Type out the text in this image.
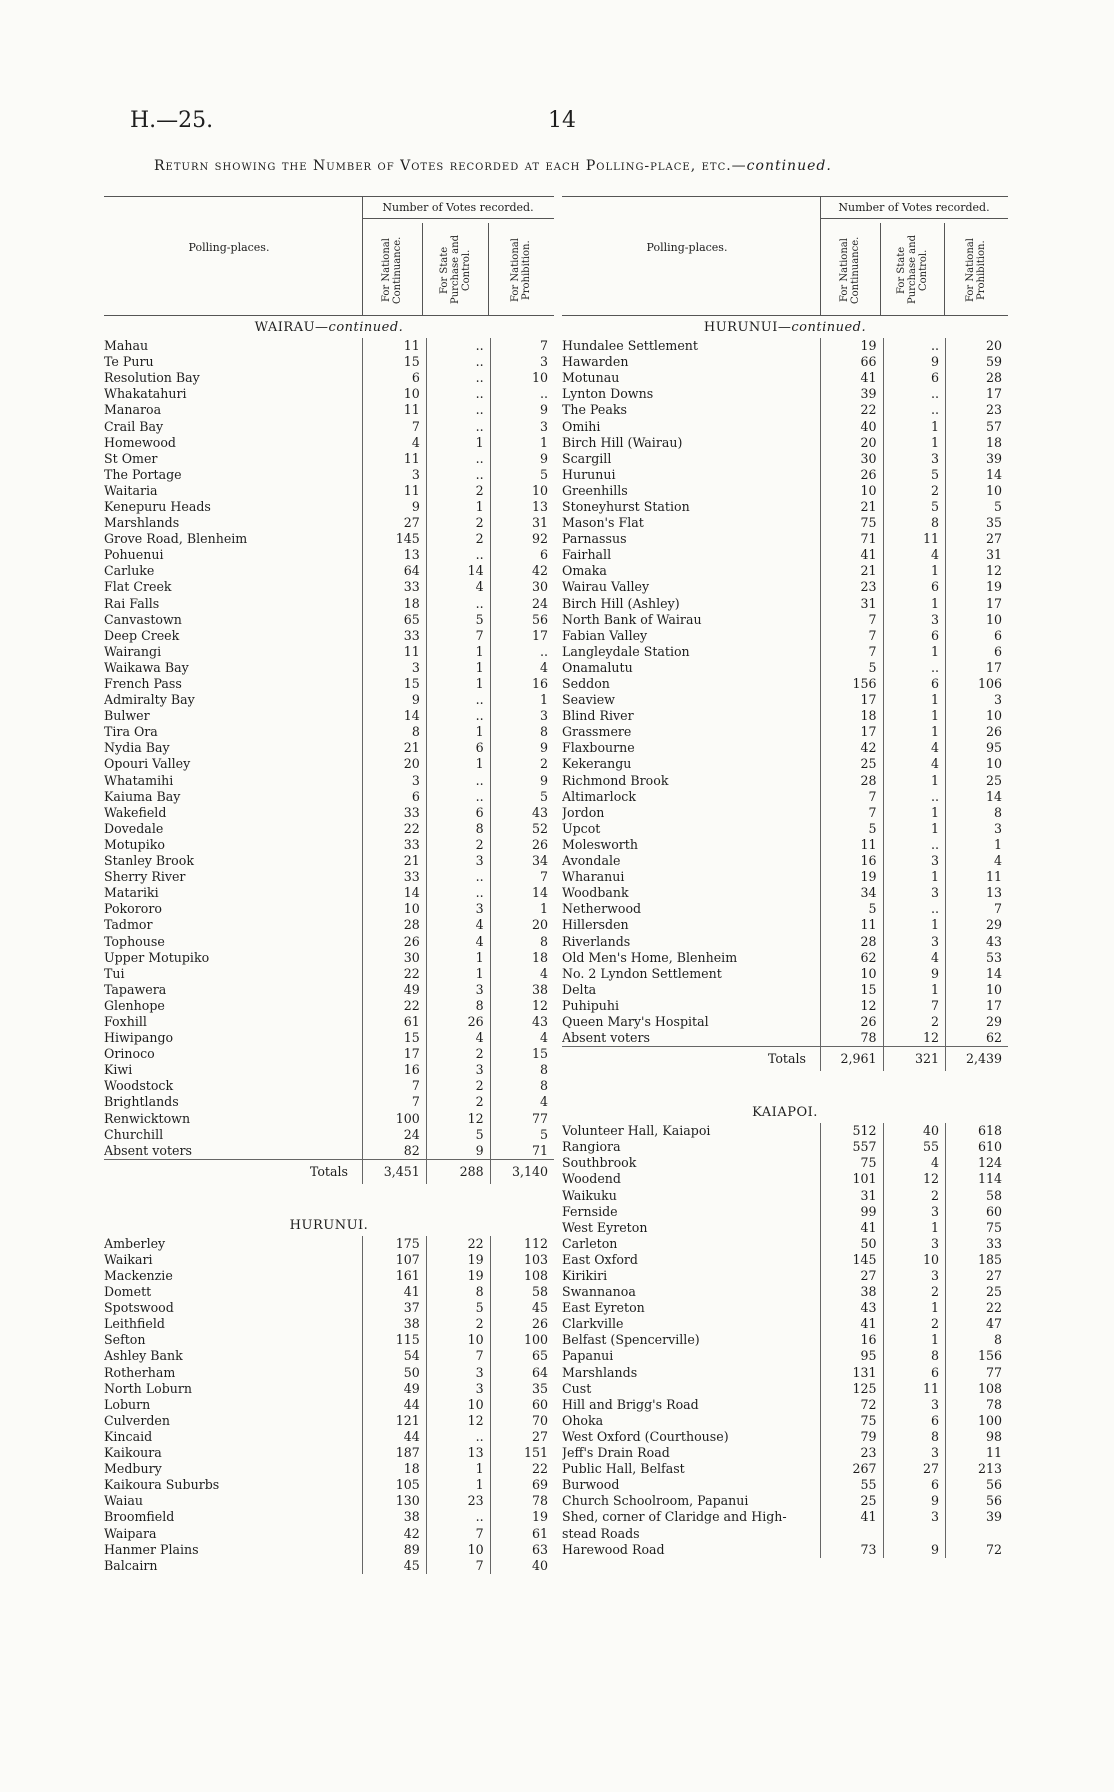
H.—25.	14
Return showing the Number of Votes recorded at each Polling-place, etc.—continued.
Polling-places.
Number of Votes recorded.
For National Continuance.	For State Purchase and Control.	For National Prohibition.
WAIRAU—continued.
Mahau	11	..	7
Te Puru	15	..	3
Resolution Bay	6	..	10
Whakatahuri	10	..	..
Manaroa	11	..	9
Crail Bay	7	..	3
Homewood	4	1	1
St Omer	11	..	9
The Portage	3	..	5
Waitaria	11	2	10
Kenepuru Heads	9	1	13
Marshlands	27	2	31
Grove Road, Blenheim	145	2	92
Pohuenui	13	..	6
Carluke	64	14	42
Flat Creek	33	4	30
Rai Falls	18	..	24
Canvastown	65	5	56
Deep Creek	33	7	17
Wairangi	11	1	..
Waikawa Bay	3	1	4
French Pass	15	1	16
Admiralty Bay	9	..	1
Bulwer	14	..	3
Tira Ora	8	1	8
Nydia Bay	21	6	9
Opouri Valley	20	1	2
Whatamihi	3	..	9
Kaiuma Bay	6	..	5
Wakefield	33	6	43
Dovedale	22	8	52
Motupiko	33	2	26
Stanley Brook	21	3	34
Sherry River	33	..	7
Matariki	14	..	14
Pokororo	10	3	1
Tadmor	28	4	20
Tophouse	26	4	8
Upper Motupiko	30	1	18
Tui	22	1	4
Tapawera	49	3	38
Glenhope	22	8	12
Foxhill	61	26	43
Hiwipango	15	4	4
Orinoco	17	2	15
Kiwi	16	3	8
Woodstock	7	2	8
Brightlands	7	2	4
Renwicktown	100	12	77
Churchill	24	5	5
Absent voters	82	9	71
Totals	3,451	288	3,140
HURUNUI.
Amberley	175	22	112
Waikari	107	19	103
Mackenzie	161	19	108
Domett	41	8	58
Spotswood	37	5	45
Leithfield	38	2	26
Sefton	115	10	100
Ashley Bank	54	7	65
Rotherham	50	3	64
North Loburn	49	3	35
Loburn	44	10	60
Culverden	121	12	70
Kincaid	44	..	27
Kaikoura	187	13	151
Medbury	18	1	22
Kaikoura Suburbs	105	1	69
Waiau	130	23	78
Broomfield	38	..	19
Waipara	42	7	61
Hanmer Plains	89	10	63
Balcairn	45	7	40
Polling-places.
Number of Votes recorded.
For National Continuance.	For State Purchase and Control.	For National Prohibition.
HURUNUI—continued.
Hundalee Settlement	19	..	20
Hawarden	66	9	59
Motunau	41	6	28
Lynton Downs	39	..	17
The Peaks	22	..	23
Omihi	40	1	57
Birch Hill (Wairau)	20	1	18
Scargill	30	3	39
Hurunui	26	5	14
Greenhills	10	2	10
Stoneyhurst Station	21	5	5
Mason's Flat	75	8	35
Parnassus	71	11	27
Fairhall	41	4	31
Omaka	21	1	12
Wairau Valley	23	6	19
Birch Hill (Ashley)	31	1	17
North Bank of Wairau	7	3	10
Fabian Valley	7	6	6
Langleydale Station	7	1	6
Onamalutu	5	..	17
Seddon	156	6	106
Seaview	17	1	3
Blind River	18	1	10
Grassmere	17	1	26
Flaxbourne	42	4	95
Kekerangu	25	4	10
Richmond Brook	28	1	25
Altimarlock	7	..	14
Jordon	7	1	8
Upcot	5	1	3
Molesworth	11	..	1
Avondale	16	3	4
Wharanui	19	1	11
Woodbank	34	3	13
Netherwood	5	..	7
Hillersden	11	1	29
Riverlands	28	3	43
Old Men's Home, Blenheim	62	4	53
No. 2 Lyndon Settlement	10	9	14
Delta	15	1	10
Puhipuhi	12	7	17
Queen Mary's Hospital	26	2	29
Absent voters	78	12	62
Totals	2,961	321	2,439
KAIAPOI.
Volunteer Hall, Kaiapoi	512	40	618
Rangiora	557	55	610
Southbrook	75	4	124
Woodend	101	12	114
Waikuku	31	2	58
Fernside	99	3	60
West Eyreton	41	1	75
Carleton	50	3	33
East Oxford	145	10	185
Kirikiri	27	3	27
Swannanoa	38	2	25
East Eyreton	43	1	22
Clarkville	41	2	47
Belfast (Spencerville)	16	1	8
Papanui	95	8	156
Marshlands	131	6	77
Cust	125	11	108
Hill and Brigg's Road	72	3	78
Ohoka	75	6	100
West Oxford (Courthouse)	79	8	98
Jeff's Drain Road	23	3	11
Public Hall, Belfast	267	27	213
Burwood	55	6	56
Church Schoolroom, Papanui	25	9	56
Shed, corner of Claridge and High-	41	3	39
stead Roads			
Harewood Road	73	9	72
